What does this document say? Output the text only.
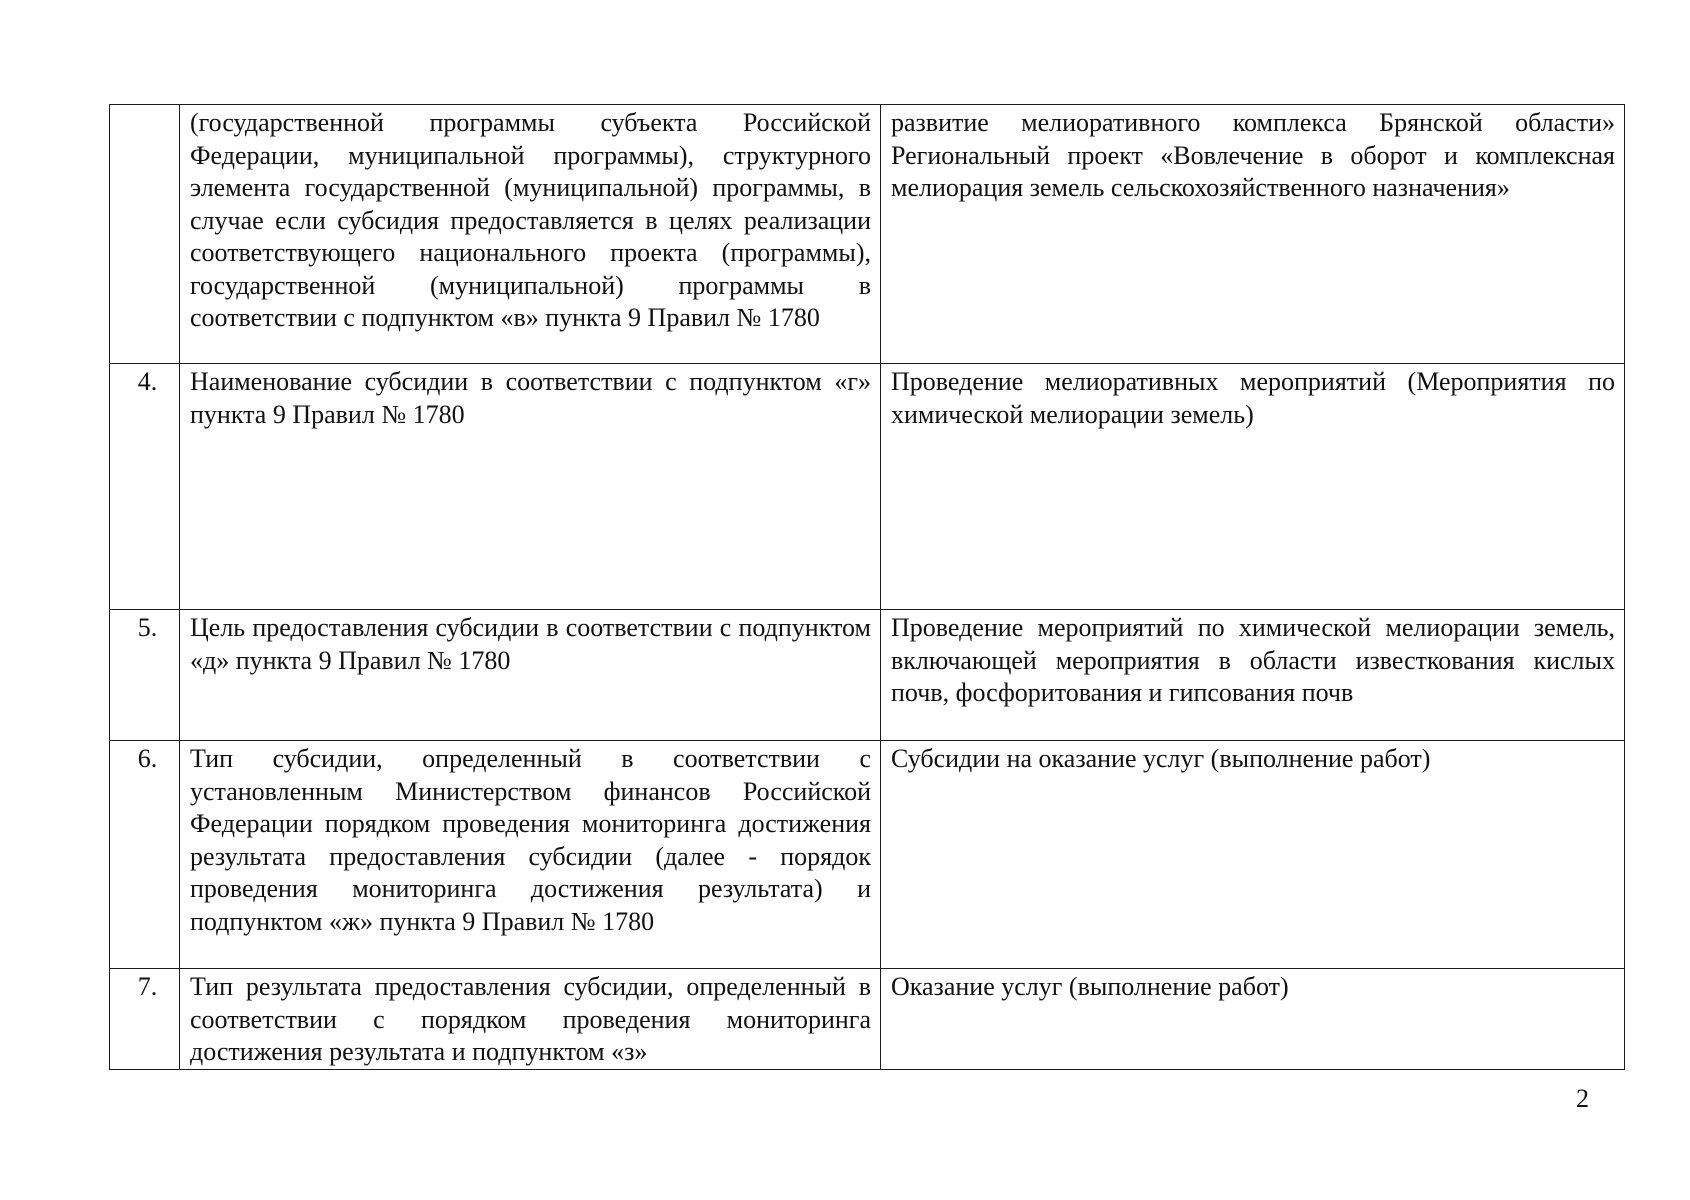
	(государственной программы субъекта Российской Федерации, муниципальной программы), структурного элемента государственной (муниципальной) программы, в случае если субсидия предоставляется в целях реализации соответствующего национального проекта (программы), государственной (муниципальной) программы в соответствии с подпунктом «в» пункта 9 Правил № 1780	развитие мелиоративного комплекса Брянской области» Региональный проект «Вовлечение в оборот и комплексная мелиорация земель сельскохозяйственного назначения»

4.	Наименование субсидии в соответствии с подпунктом «г» пункта 9 Правил № 1780	Проведение мелиоративных мероприятий (Мероприятия по химической мелиорации земель)

5.	Цель предоставления субсидии в соответствии с подпунктом «д» пункта 9 Правил № 1780	Проведение мероприятий по химической мелиорации земель, включающей мероприятия в области известкования кислых почв, фосфоритования и гипсования почв

6.	Тип субсидии, определенный в соответствии с установленным Министерством финансов Российской Федерации порядком проведения мониторинга достижения результата предоставления субсидии (далее - порядок проведения мониторинга достижения результата) и подпунктом «ж» пункта 9 Правил № 1780	Субсидии на оказание услуг (выполнение работ)

7.	Тип результата предоставления субсидии, определенный в соответствии с порядком проведения мониторинга достижения результата и подпунктом «з»	Оказание услуг (выполнение работ)
2
